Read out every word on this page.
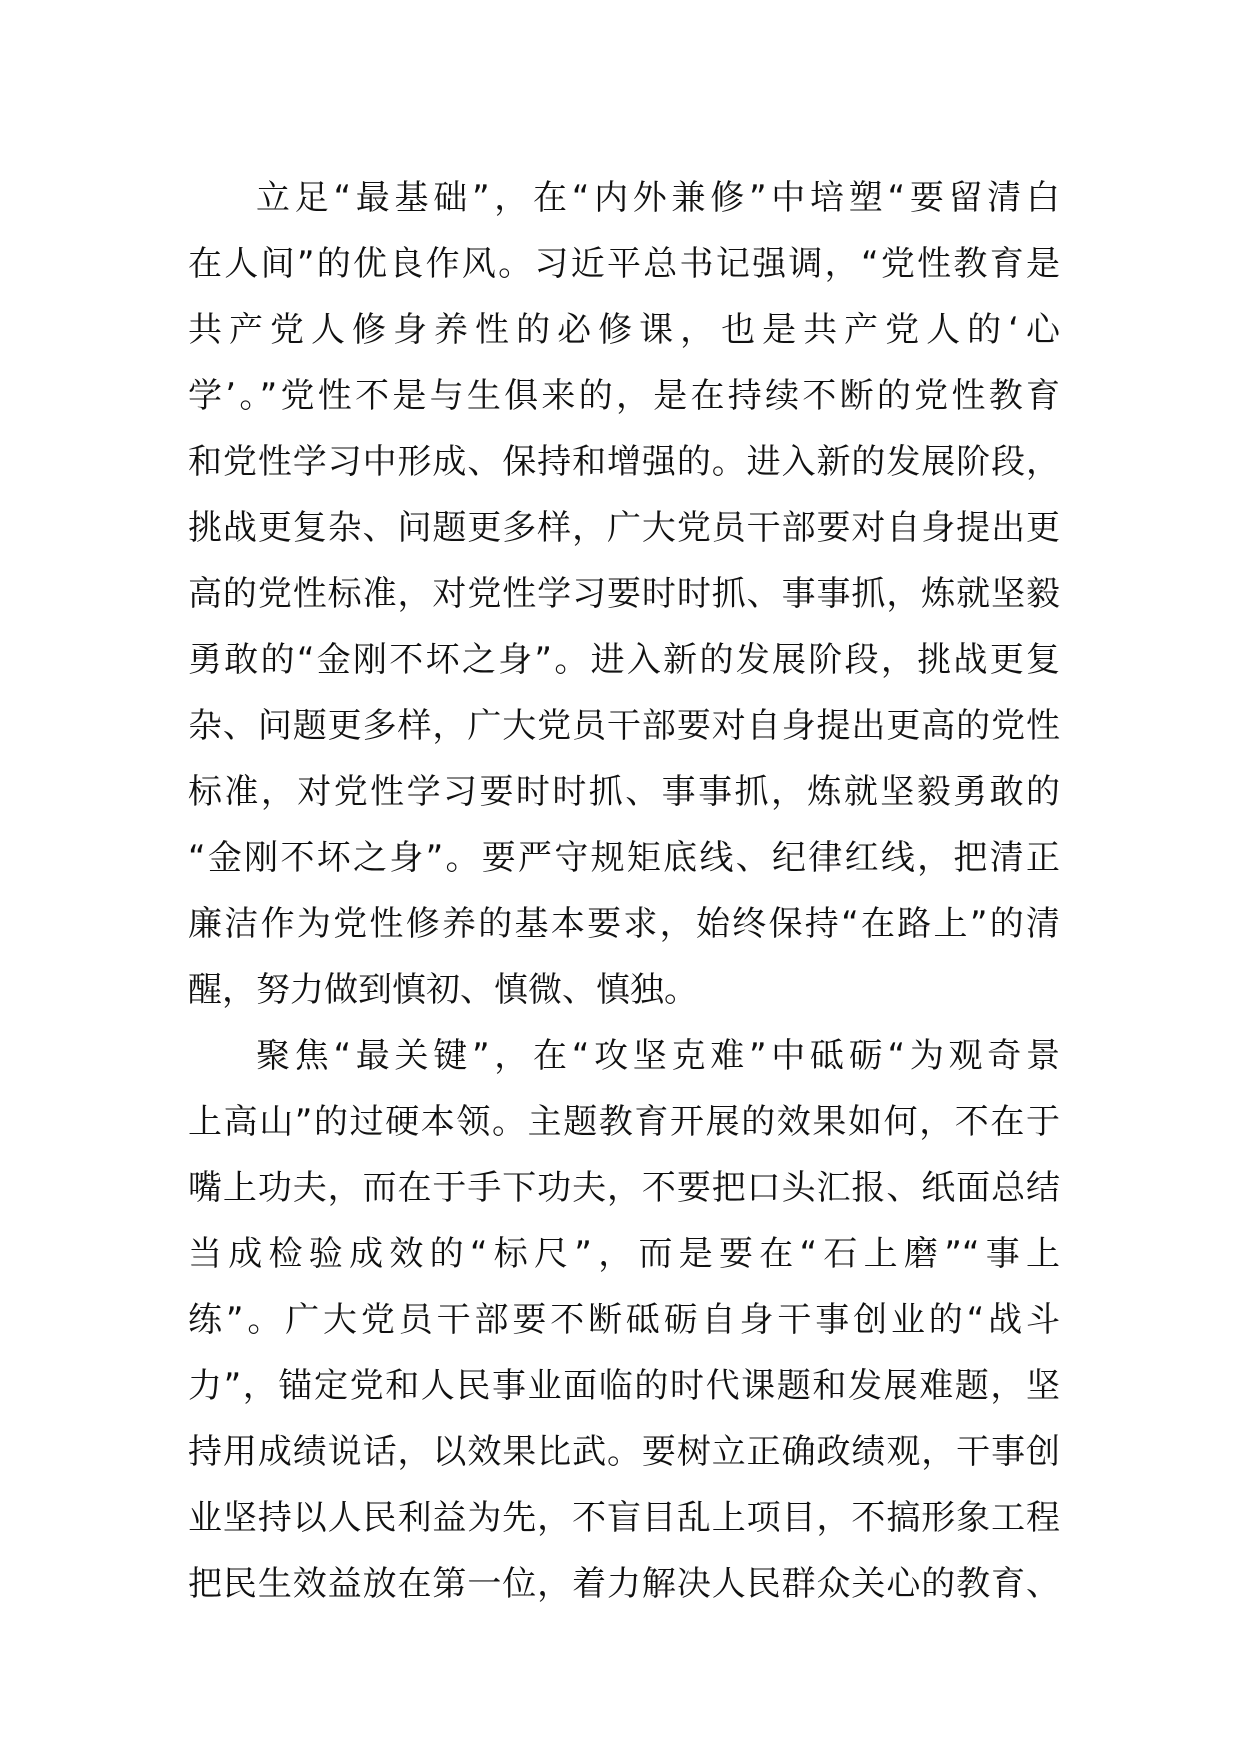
立足“最基础”，在“内外兼修”中培塑“要留清白
在人间”的优良作风。习近平总书记强调，“党性教育是
共产党人修身养性的必修课，也是共产党人的‘心
学’。”党性不是与生俱来的，是在持续不断的党性教育
和党性学习中形成、保持和增强的。进入新的发展阶段，
挑战更复杂、问题更多样，广大党员干部要对自身提出更
高的党性标准，对党性学习要时时抓、事事抓，炼就坚毅
勇敢的“金刚不坏之身”。进入新的发展阶段，挑战更复
杂、问题更多样，广大党员干部要对自身提出更高的党性
标准，对党性学习要时时抓、事事抓，炼就坚毅勇敢的
“金刚不坏之身”。要严守规矩底线、纪律红线，把清正
廉洁作为党性修养的基本要求，始终保持“在路上”的清
醒，努力做到慎初、慎微、慎独。
聚焦“最关键”，在“攻坚克难”中砥砺“为观奇景
上高山”的过硬本领。主题教育开展的效果如何，不在于
嘴上功夫，而在于手下功夫，不要把口头汇报、纸面总结
当成检验成效的“标尺”，而是要在“石上磨”“事上
练”。广大党员干部要不断砥砺自身干事创业的“战斗
力”，锚定党和人民事业面临的时代课题和发展难题，坚
持用成绩说话，以效果比武。要树立正确政绩观，干事创
业坚持以人民利益为先，不盲目乱上项目，不搞形象工程
把民生效益放在第一位，着力解决人民群众关心的教育、
